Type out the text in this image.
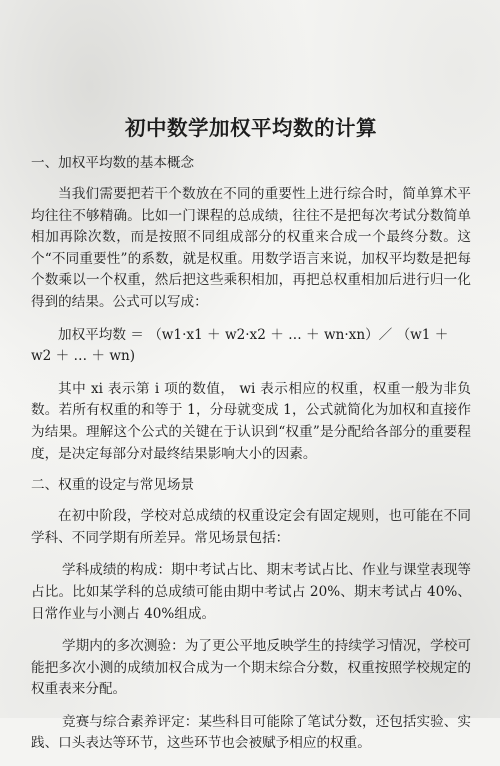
初中数学加权平均数的计算
一、加权平均数的基本概念

当我们需要把若干个数放在不同的重要性上进行综合时，简单算术平均往往不够精确。比如一门课程的总成绩，往往不是把每次考试分数简单相加再除次数，而是按照不同组成部分的权重来合成一个最终分数。这个“不同重要性”的系数，就是权重。用数学语言来说，加权平均数是把每个数乘以一个权重，然后把这些乘积相加，再把总权重相加后进行归一化得到的结果。公式可以写成：

加权平均数 ＝ （w1·x1 ＋ w2·x2 ＋ … ＋ wn·xn）／ （w1 ＋ w2 ＋ … ＋ wn)

其中 xi 表示第 i 项的数值， wi 表示相应的权重，权重一般为非负数。若所有权重的和等于 1，分母就变成 1，公式就简化为加权和直接作为结果。理解这个公式的关键在于认识到“权重”是分配给各部分的重要程度，是决定每部分对最终结果影响大小的因素。

二、权重的设定与常见场景

在初中阶段，学校对总成绩的权重设定会有固定规则，也可能在不同学科、不同学期有所差异。常见场景包括：

学科成绩的构成：期中考试占比、期末考试占比、作业与课堂表现等占比。比如某学科的总成绩可能由期中考试占 20%、期末考试占 40%、日常作业与小测占 40%组成。

学期内的多次测验：为了更公平地反映学生的持续学习情况，学校可能把多次小测的成绩加权合成为一个期末综合分数，权重按照学校规定的权重表来分配。

竞赛与综合素养评定：某些科目可能除了笔试分数，还包括实验、实践、口头表达等环节，这些环节也会被赋予相应的权重。
